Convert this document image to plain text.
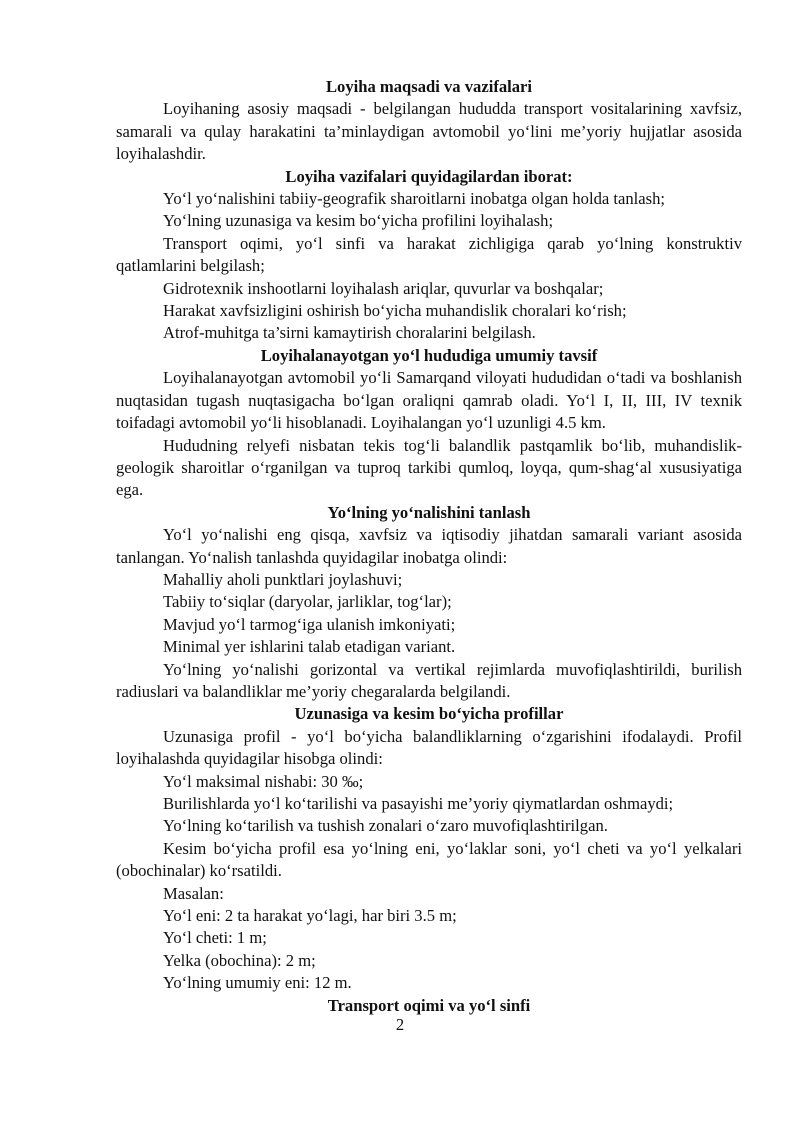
Loyiha maqsadi va vazifalari

Loyihaning asosiy maqsadi - belgilangan hududda transport vositalarining xavfsiz, samarali va qulay harakatini ta’minlaydigan avtomobil yo‘lini me’yoriy hujjatlar asosida loyihalashdir.

Loyiha vazifalari quyidagilardan iborat:

Yo‘l yo‘nalishini tabiiy-geografik sharoitlarni inobatga olgan holda tanlash;

Yo‘lning uzunasiga va kesim bo‘yicha profilini loyihalash;

Transport oqimi, yo‘l sinfi va harakat zichligiga qarab yo‘lning konstruktiv qatlamlarini belgilash;

Gidrotexnik inshootlarni loyihalash ariqlar, quvurlar va boshqalar;

Harakat xavfsizligini oshirish bo‘yicha muhandislik choralari ko‘rish;

Atrof-muhitga ta’sirni kamaytirish choralarini belgilash.

Loyihalanayotgan yo‘l hududiga umumiy tavsif

Loyihalanayotgan avtomobil yo‘li Samarqand viloyati hududidan o‘tadi va boshlanish nuqtasidan tugash nuqtasigacha bo‘lgan oraliqni qamrab oladi. Yo‘l I, II, III, IV texnik toifadagi avtomobil yo‘li hisoblanadi. Loyihalangan yo‘l uzunligi 4.5 km.

Hududning relyefi nisbatan tekis tog‘li balandlik pastqamlik bo‘lib, muhandislik-geologik sharoitlar o‘rganilgan va tuproq tarkibi qumloq, loyqa, qum-shag‘al xususiyatiga ega.

Yo‘lning yo‘nalishini tanlash

Yo‘l yo‘nalishi eng qisqa, xavfsiz va iqtisodiy jihatdan samarali variant asosida tanlangan. Yo‘nalish tanlashda quyidagilar inobatga olindi:

Mahalliy aholi punktlari joylashuvi;

Tabiiy to‘siqlar (daryolar, jarliklar, tog‘lar);

Mavjud yo‘l tarmog‘iga ulanish imkoniyati;

Minimal yer ishlarini talab etadigan variant.

Yo‘lning yo‘nalishi gorizontal va vertikal rejimlarda muvofiqlashtirildi, burilish radiuslari va balandliklar me’yoriy chegaralarda belgilandi.

Uzunasiga va kesim bo‘yicha profillar

Uzunasiga profil - yo‘l bo‘yicha balandliklarning o‘zgarishini ifodalaydi. Profil loyihalashda quyidagilar hisobga olindi:

Yo‘l maksimal nishabi: 30 ‰;

Burilishlarda yo‘l ko‘tarilishi va pasayishi me’yoriy qiymatlardan oshmaydi;

Yo‘lning ko‘tarilish va tushish zonalari o‘zaro muvofiqlashtirilgan.

Kesim bo‘yicha profil esa yo‘lning eni, yo‘laklar soni, yo‘l cheti va yo‘l yelkalari (obochinalar) ko‘rsatildi.

Masalan:

Yo‘l eni: 2 ta harakat yo‘lagi, har biri 3.5 m;

Yo‘l cheti: 1 m;

Yelka (obochina): 2 m;

Yo‘lning umumiy eni: 12 m.

Transport oqimi va yo‘l sinfi

2
